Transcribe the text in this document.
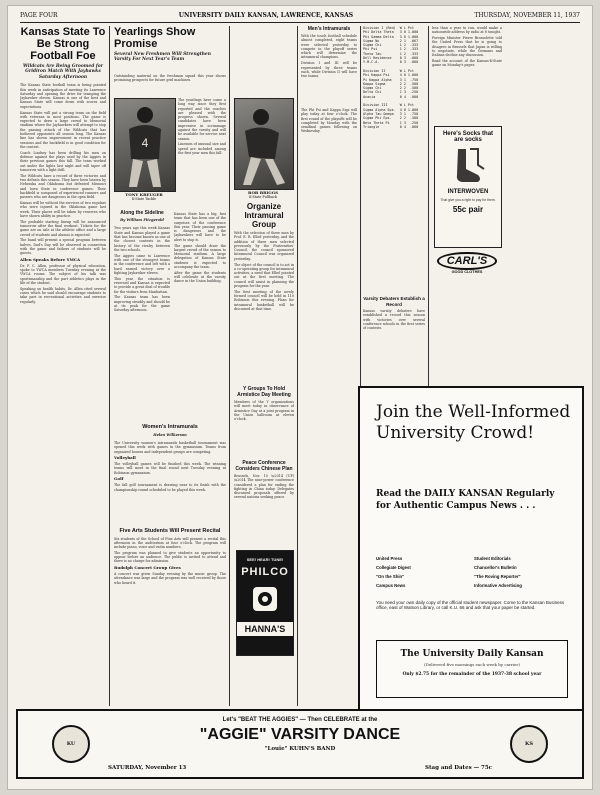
PAGE FOUR	UNIVERSITY DAILY KANSAN, LAWRENCE, KANSAS	THURSDAY, NOVEMBER 11, 1937
Kansas State To Be Strong Football Foe
Wildcats Are Being Groomed for Gridiron Match With Jayhawks Saturday Afternoon

The Kansas State football team is being pointed this week in anticipation of meeting its Lawrence Saturday and opening the drive for tramping the Jayhawker eleven. Kansas is one of the best and Kansas State will come down with scores and expectations.

Kansas State will put a strong team on the field with veterans in most positions. The game is expected to draw a large crowd to Memorial stadium where the Jayhawkers will attempt to stop the passing attack of the Wildcats that has bothered opponents all season long. The Kansas line has shown improvement in recent practice sessions and the backfield is in good condition for the contest.

Coach Lindsey has been drilling his men on defense against the plays used by the Aggies in their previous games this fall. The team worked out under the lights last night and will taper off tomorrow with a light drill.

The Wildcats have a record of three victories and two defeats this season. They have been beaten by Nebraska and Oklahoma but defeated Missouri and Iowa State in conference games. Their backfield is composed of experienced runners and passers who are dangerous in the open field.

Kansas will be without the services of two regulars who were injured in the Oklahoma game last week. Their places will be taken by reserves who have shown ability in practice.

The probable starting lineup will be announced tomorrow after the final workout. Tickets for the game are on sale at the athletic office and a large crowd of students and alumni is expected.

The band will present a special program between halves. Dad's Day will be observed in connection with the game and fathers of students will be guests.

Allen Speaks Before YMCA

Dr. F. C. Allen, professor of physical education, spoke to YWCA members Tuesday evening at the YWCA rooms. The subject of his talk was sportsmanship and the part athletics plays in the life of the student.

Speaking on health habits, Dr. Allen cited several cases which he said should encourage students to take part in recreational activities and exercise regularly.

Yearlings Show Promise
Several New Freshmen Will Strengthen Varsity For Next Year's Team

Outstanding material on the freshman squad this year shows promising prospects for future grid machines.

4
TONY KREUGER
K-State Tackle

The yearlings have come a long way since they first reported and the coaches are pleased with the progress shown. Several candidates have been impressive in scrimmage against the varsity and will be available for service next season.

Linemen of unusual size and speed are included among the first year men this fall.

Along the Sideline
By William Fitzgerald

Two years ago this week Kansas State and Kansas played a game that has become known as one of the closest contests in the history of the rivalry between the two schools.

The Aggies came to Lawrence with one of the strongest teams in the conference and left with a hard earned victory over a fighting Jayhawker eleven.

This year the situation is reversed and Kansas is expected to provide a great deal of trouble for the visitors from Manhattan.

The Kansas team has been improving steadily and should be at its peak for the game Saturday afternoon.

Kansas State has a big, fast team that has been one of the surprises of the conference this year. Their passing game is dangerous and the Jayhawkers will have to be alert to stop it.

The game should draw the largest crowd of the season to Memorial stadium. A large delegation of Kansas State students is expected to accompany the team.

After the game the students will celebrate at the varsity dance in the Union building.

Women's Intramurals
Helen Wilkerson

The University women's intramurals basketball tournament was opened this week with games in the gymnasium. Teams from organized houses and independent groups are competing.

Volleyball

The volleyball games will be finished this week. The winning teams will meet in the final round next Tuesday evening at Robinson gymnasium.

Golf

The fall golf tournament is drawing near to its finish with the championship round scheduled to be played this week.

Five Arts Students Will Present Recital

Six students of the School of Fine Arts will present a recital this afternoon in the auditorium at four o'clock. The program will include piano, voice and violin numbers.

The program was planned to give students an opportunity to appear before an audience. The public is invited to attend and there is no charge for admission.

Rudolph Concert Group Gives

A concert was given Sunday evening by the music group. The attendance was large and the program was well received by those who heard it.

BOB BRIGGS
K-State Fullback
Organize Intramural Group

With the selection of three men by Prof. E. R. Elbel yesterday, and the addition of three men selected previously by the Fraternities' Council, the council sponsored Intramural Council was organized yesterday.

The object of the council is to act in a co-operating group for intramural activities, a need that Elbel pointed out at the first meeting. The council will assist in planning the program for the year.

The first meeting of the newly formed council will be held in 110 Robinson this evening. Plans for intramural basketball will be discussed at that time.

Y Groups To Hold Armistice Day Meeting

Members of the Y organizations will meet today in observance of Armistice Day at a joint program in the Union ballroom at eleven o'clock.

Peace Conference Considers Chinese Plan

Brussels, Nov. 10 \u2014 (UP) \u2014 The nine-power conference considered a plan for ending the fighting in China today. Delegates discussed proposals offered by several nations seeking peace.

SEE! HEAR! TUNE!
PHILCO
HANNA'S
Men's Intramurals

With the touch football schedule almost completed, eight teams were selected yesterday to compete in the playoff series which will determine the intramural champions.

Division I and III will be represented by three teams each, while Division II will have two teams.

The Phi Psi and Kappa Sigs will play today at four o'clock. The first round of the playoffs will be completed by Monday with the semifinal games following on Wednesday.

Division I (Red)  W L Pct
Phi Delta Theta   3 0 1.000
Phi Gamma Delta   3 0 1.000
Sigma Nu          2 1  .667
Sigma Chi         1 2  .333
Phi Psi           1 2  .333
Theta Tau         1 2  .333
Dell Residence    0 3  .000
Y.M.C.A.          0 3  .000

Division II       W L Pct
Phi Kappa Psi     4 0 1.000
Pi Kappa Alpha    3 1  .750
Kappa Sigma       2 2  .500
Sigma Chi         2 2  .500
Delta Chi         1 3  .250
Acacia            0 4  .000

Division III      W L Pct
Sigma Alpha Eps.  4 0 1.000
Alpha Tau Omega   3 1  .750
Sigma Phi Eps.    2 2  .500
Beta Theta Pi     1 3  .250
Triangle          0 4  .000
Varsity Debaters Establish a Record

Kansas varsity debaters have established a record this season with victories over several conference schools in the first series of contests.

less than a year to run, would make a nationwide address by radio at 8 tonight.

Foreign Minister Pierre Brossolette told the United Press that he is going to disagree in Brussels that Japan is willing to negotiate, while the Germans and Italians decline any discussion.

Read the account of the Kansas-K-State game on Monday's paper.

Here's Socks that are socks
INTERWOVEN
That give you a right to pay for them.
55c pair
CARL'S
GOOD CLOTHES
Join the Well-Informed University Crowd!
Read the DAILY KANSAN Regularly for Authentic Campus News . . .
United Press	Student Editorials
Collegiate Digest	Chancellor's Bulletin
"On the Shin"	"The Roving Reporter"
Campus News	Informative Advertising
You need your own daily copy of the official student newspaper. Come to the Kansan Business office, east of Watson Library, or call K.U. 66 and ask that your paper be started.
The University Daily Kansan
(Delivered five mornings each week by carrier)
Only $2.75 for the remainder of the 1937-38 school year
KU	KS
Let's "BEAT THE AGGIES" — Then CELEBRATE at the
"AGGIE" VARSITY DANCE
"Louie" KUHN'S BAND
SATURDAY, November 13	Stag and Dates — 75c
